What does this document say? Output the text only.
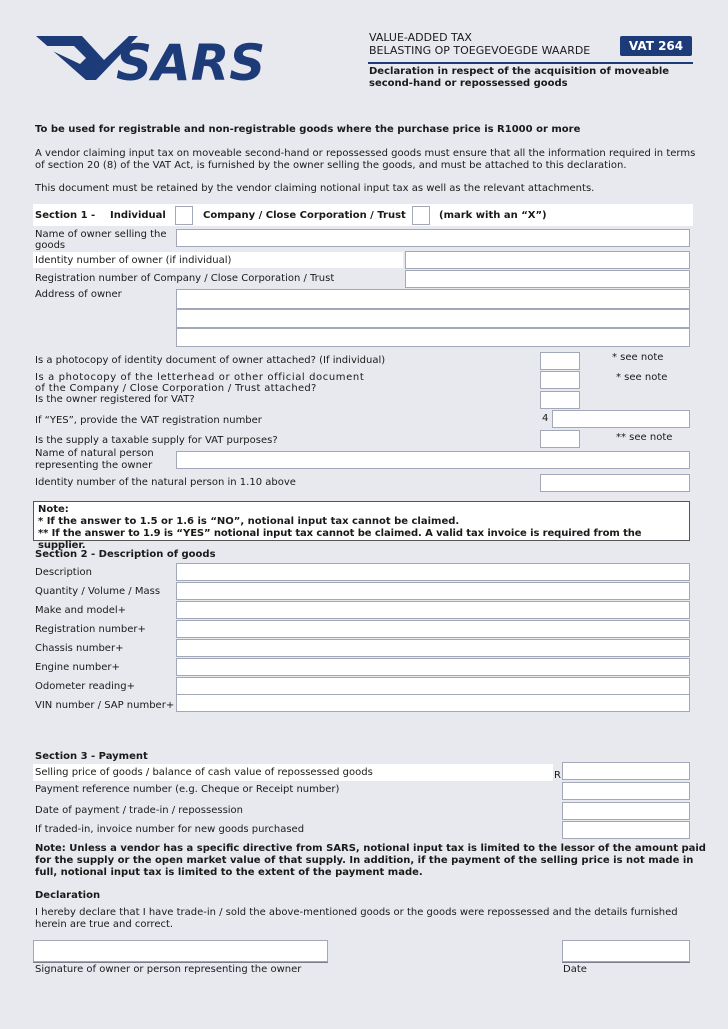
SARS	VALUE-ADDED TAX
BELASTING OP TOEGEVOEGDE WAARDE	VAT 264
Declaration in respect of the acquisition of moveable
second-hand or repossessed goods
To be used for registrable and non-registrable goods where the purchase price is R1000 or more
A vendor claiming input tax on moveable second-hand or repossessed goods must ensure that all the information required in terms
of section 20 (8) of the VAT Act, is furnished by the owner selling the goods, and must be attached to this declaration.
This document must be retained by the vendor claiming notional input tax as well as the relevant attachments.
Section 1 - Individual	Company / Close Corporation / Trust	(mark with an “X”)
Name of owner selling the
goods
Identity number of owner (if individual)
Registration number of Company / Close Corporation / Trust
Address of owner
Is a photocopy of identity document of owner attached? (If individual)	* see note
Is a photocopy of the letterhead or other official document	* see note
of the Company / Close Corporation / Trust attached?
Is the owner registered for VAT?
If “YES”, provide the VAT registration number	4
Is the supply a taxable supply for VAT purposes?	** see note
Name of natural person
representing the owner
Identity number of the natural person in 1.10 above
Note:
* If the answer to 1.5 or 1.6 is “NO”, notional input tax cannot be claimed.
** If the answer to 1.9 is “YES” notional input tax cannot be claimed. A valid tax invoice is required from the supplier.
Section 2 - Description of goods
Description
Quantity / Volume / Mass
Make and model+
Registration number+
Chassis number+
Engine number+
Odometer reading+
VIN number / SAP number+
Section 3 - Payment
Selling price of goods / balance of cash value of repossessed goods	R
Payment reference number (e.g. Cheque or Receipt number)
Date of payment / trade-in / repossession
If traded-in, invoice number for new goods purchased
Note: Unless a vendor has a specific directive from SARS, notional input tax is limited to the lessor of the amount paid
for the supply or the open market value of that supply. In addition, if the payment of the selling price is not made in
full, notional input tax is limited to the extent of the payment made.
Declaration
I hereby declare that I have trade-in / sold the above-mentioned goods or the goods were repossessed and the details furnished
herein are true and correct.
Signature of owner or person representing the owner	Date
